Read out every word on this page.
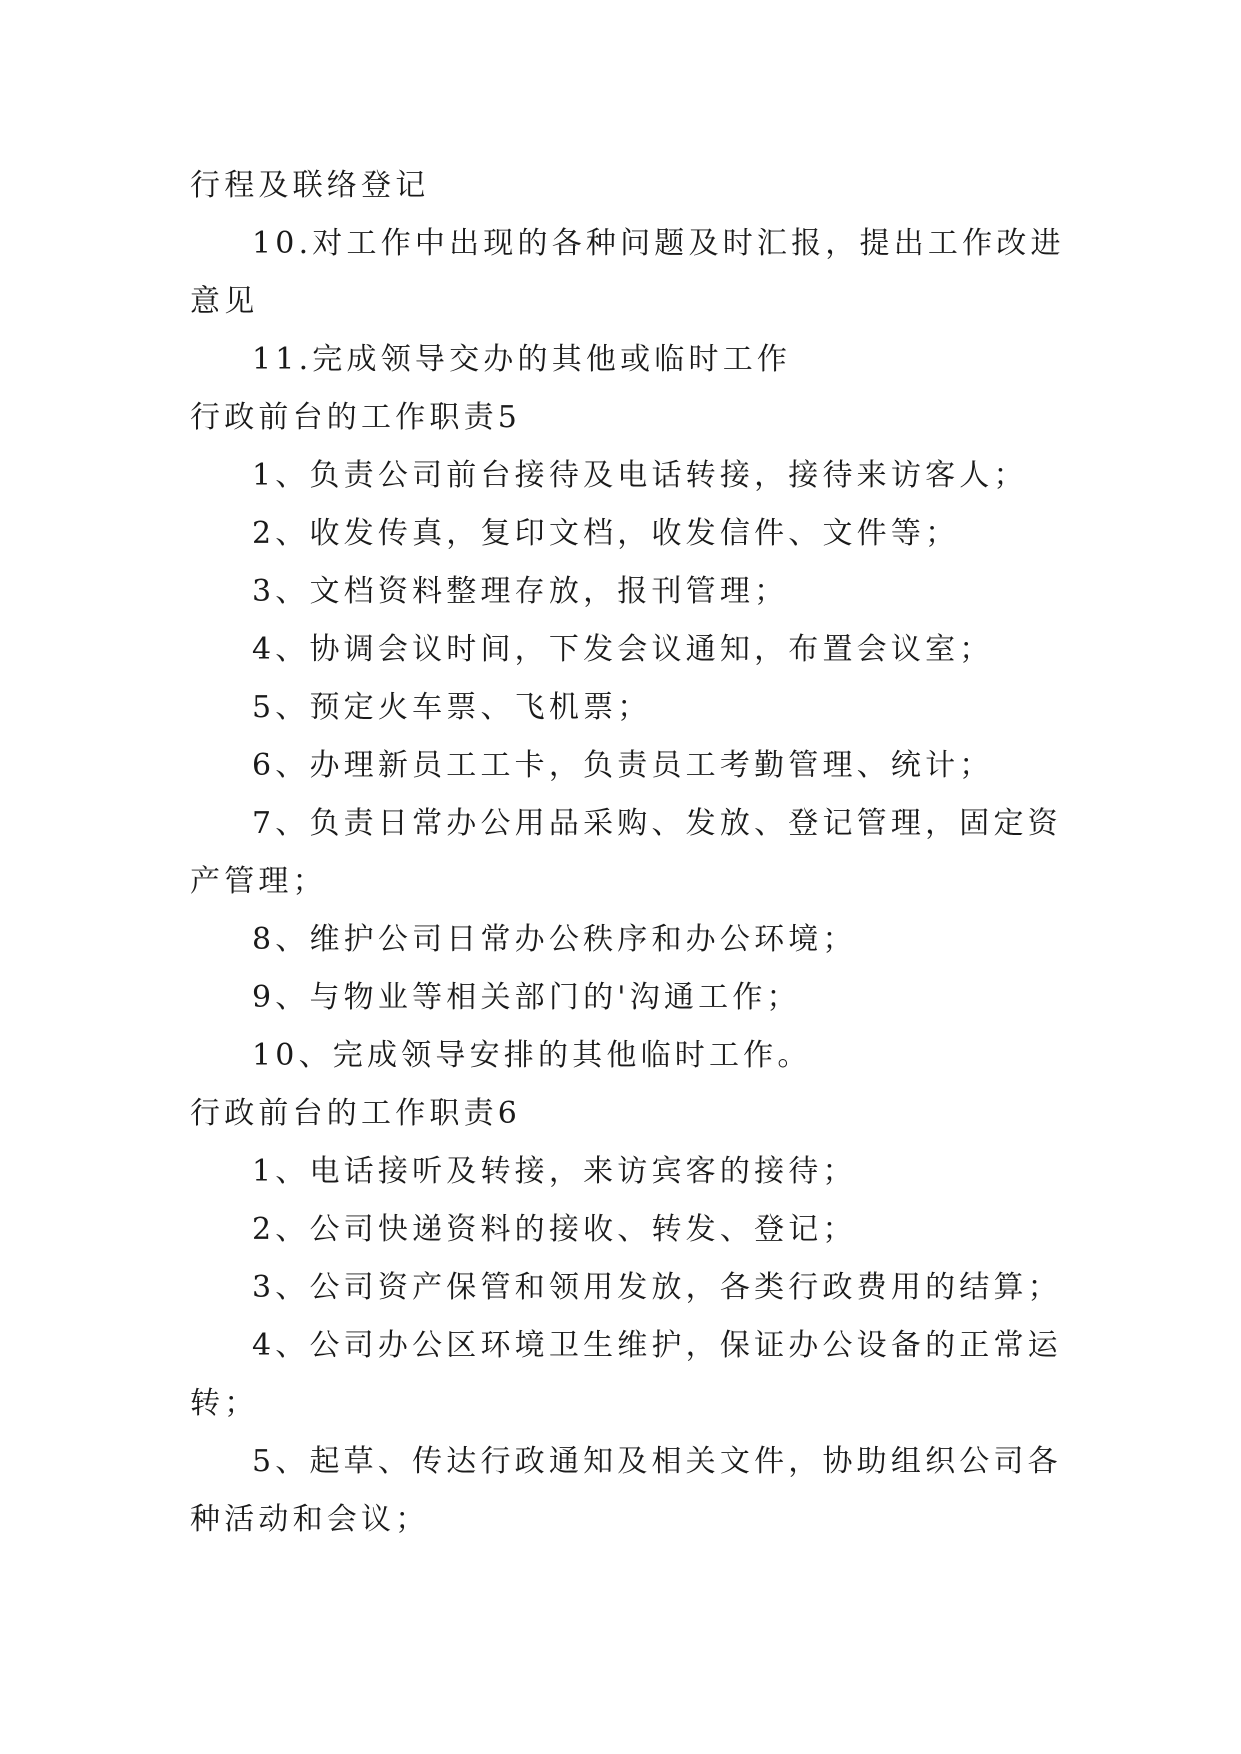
行程及联络登记
10.对工作中出现的各种问题及时汇报，提出工作改进
意见
11.完成领导交办的其他或临时工作
行政前台的工作职责5
1、负责公司前台接待及电话转接，接待来访客人；
2、收发传真，复印文档，收发信件、文件等；
3、文档资料整理存放，报刊管理；
4、协调会议时间，下发会议通知，布置会议室；
5、预定火车票、飞机票；
6、办理新员工工卡，负责员工考勤管理、统计；
7、负责日常办公用品采购、发放、登记管理，固定资
产管理；
8、维护公司日常办公秩序和办公环境；
9、与物业等相关部门的'沟通工作；
10、完成领导安排的其他临时工作。
行政前台的工作职责6
1、电话接听及转接，来访宾客的接待；
2、公司快递资料的接收、转发、登记；
3、公司资产保管和领用发放，各类行政费用的结算；
4、公司办公区环境卫生维护，保证办公设备的正常运
转；
5、起草、传达行政通知及相关文件，协助组织公司各
种活动和会议；
